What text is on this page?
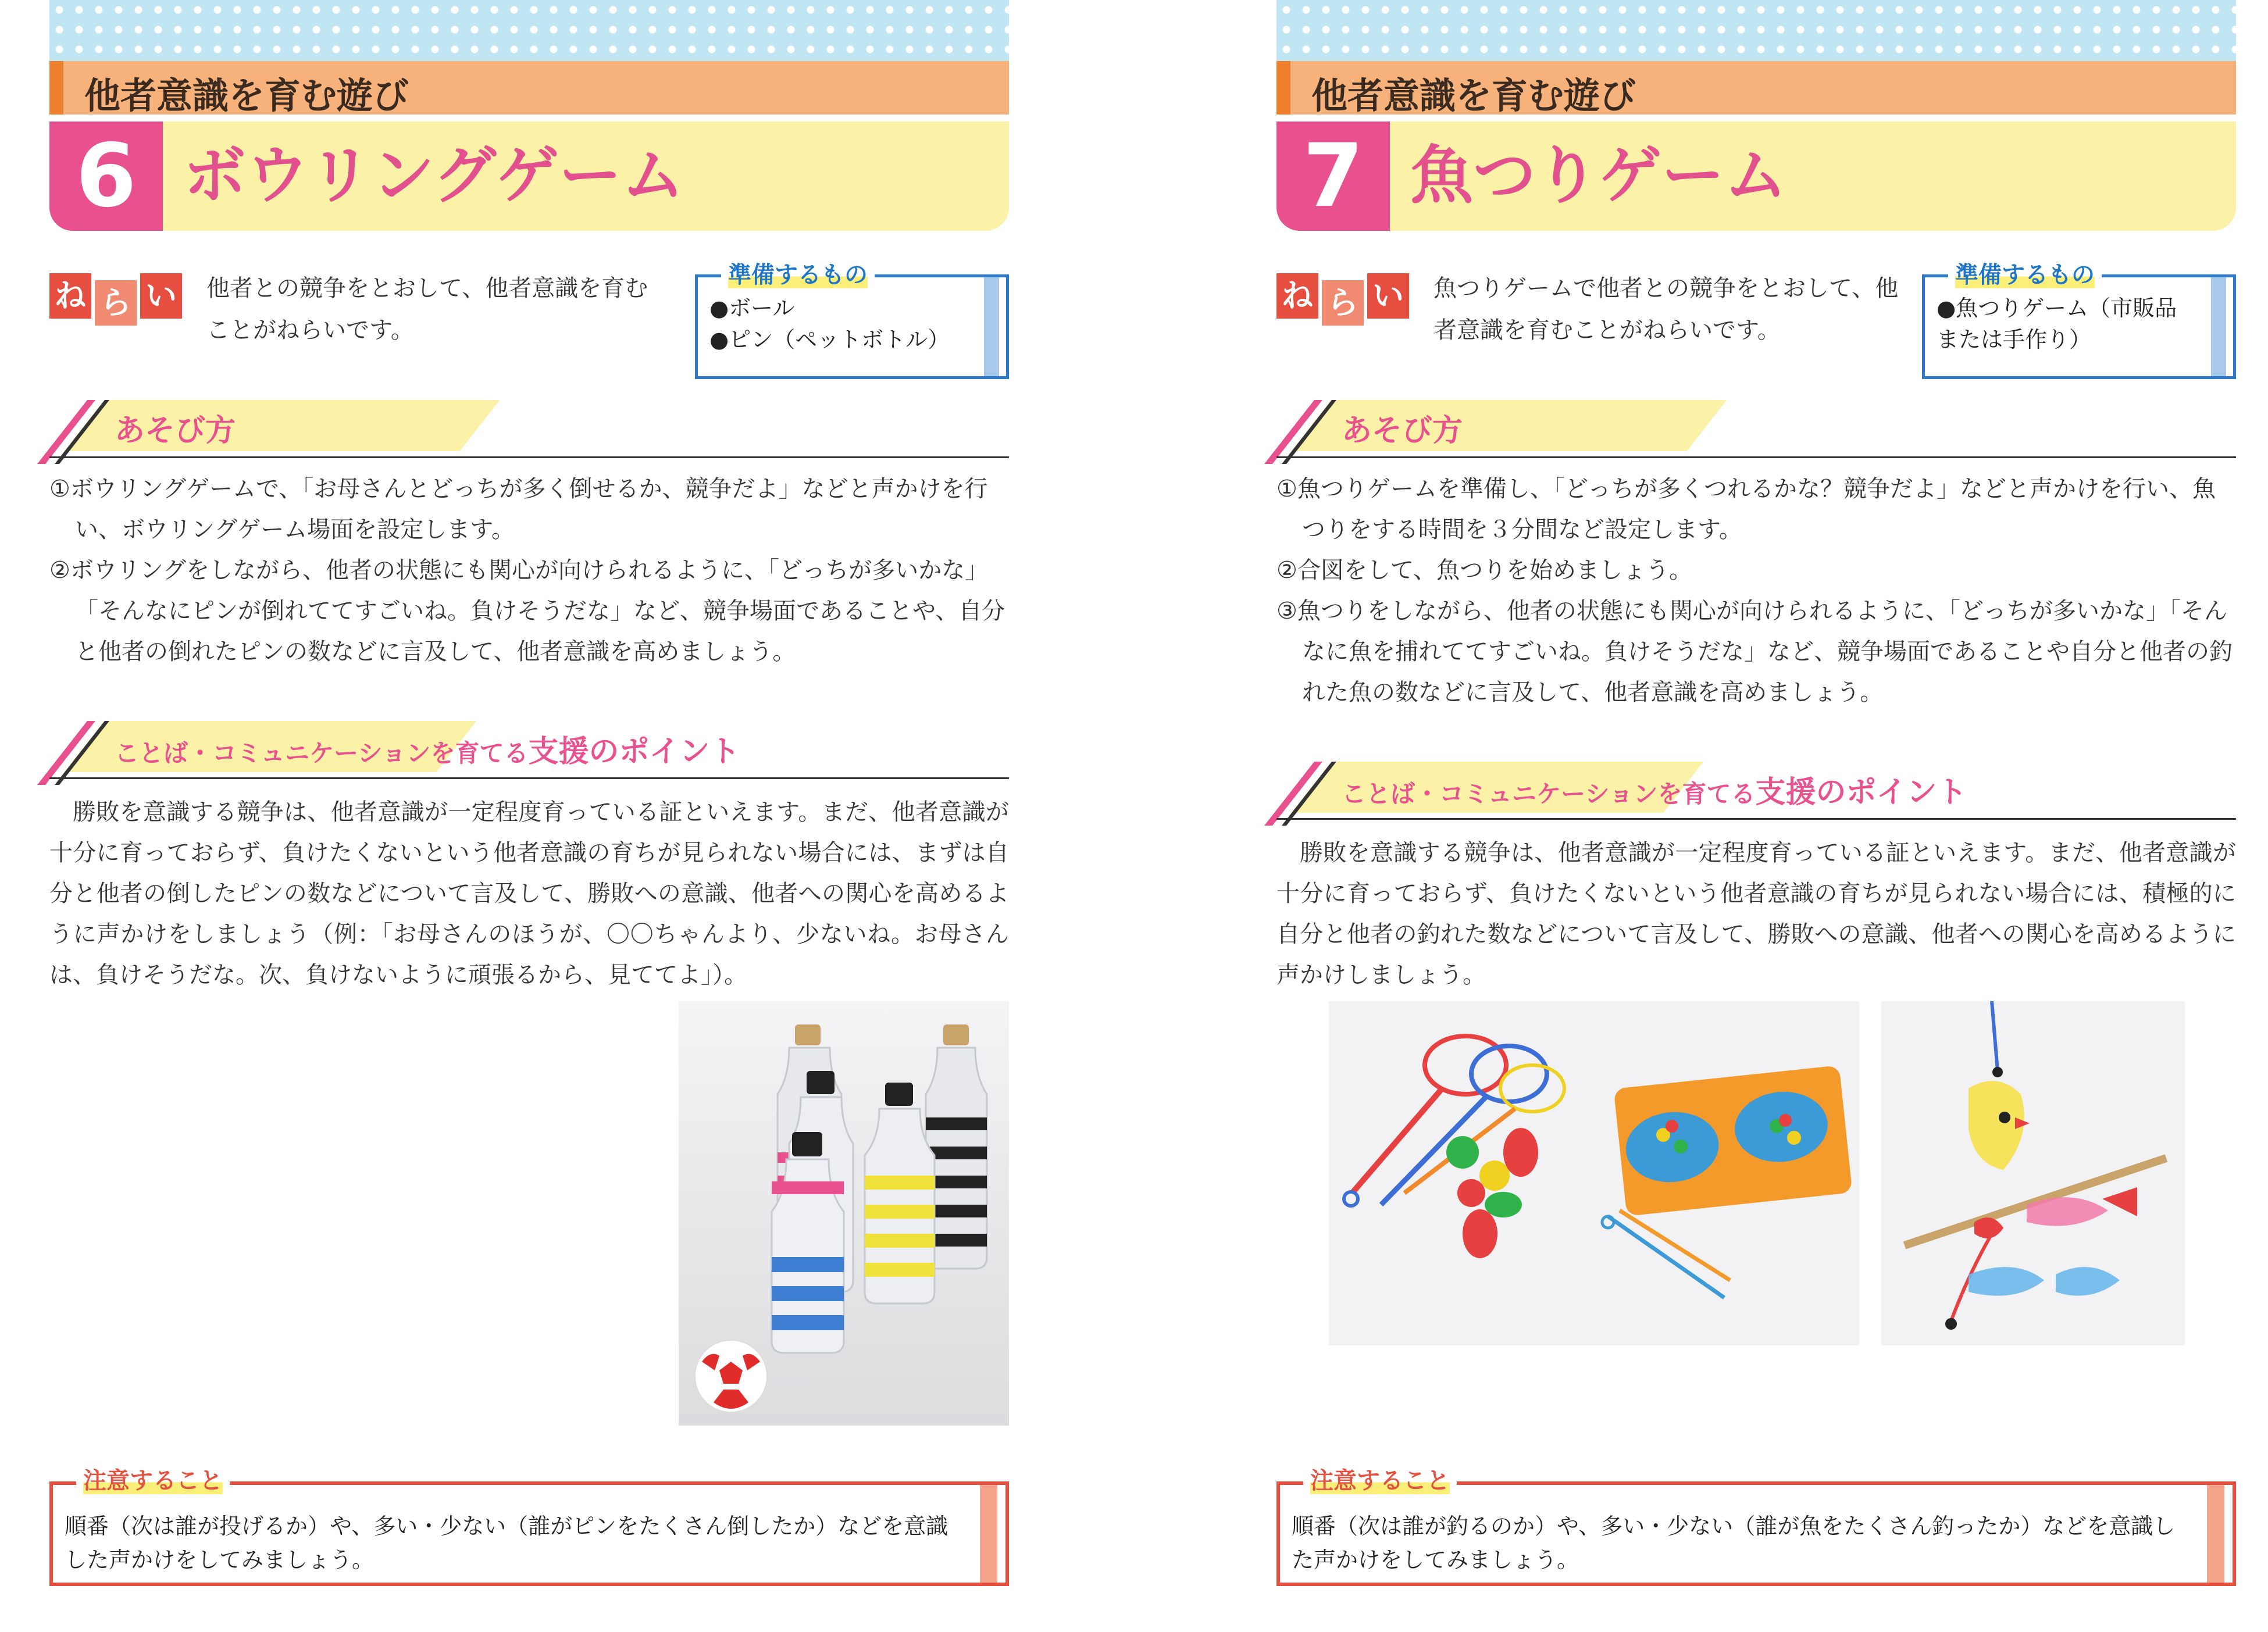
他者意識を育む遊び
6 ボウリングゲーム
ね ら い 他者との競争をとおして、他者意識を育むことがねらいです。
準備するもの
●ボール
●ピン（ペットボトル）
あそび方
①ボウリングゲームで、「お母さんとどっちが多く倒せるか、競争だよ」などと声かけを行い、ボウリングゲーム場面を設定します。
②ボウリングをしながら、他者の状態にも関心が向けられるように、「どっちが多いかな」「そんなにピンが倒れててすごいね。負けそうだな」など、競争場面であることや、自分と他者の倒れたピンの数などに言及して、他者意識を高めましょう。
ことば・コミュニケーションを育てる支援のポイント
勝敗を意識する競争は、他者意識が一定程度育っている証といえます。まだ、他者意識が十分に育っておらず、負けたくないという他者意識の育ちが見られない場合には、まずは自分と他者の倒したピンの数などについて言及して、勝敗への意識、他者への関心を高めるように声かけをしましょう（例：「お母さんのほうが、〇〇ちゃんより、少ないね。お母さんは、負けそうだな。次、負けないように頑張るから、見ててよ」）。
注意すること
順番（次は誰が投げるか）や、多い・少ない（誰がピンをたくさん倒したか）などを意識した声かけをしてみましょう。
他者意識を育む遊び
7 魚つりゲーム
ね ら い 魚つりゲームで他者との競争をとおして、他者意識を育むことがねらいです。
準備するもの
●魚つりゲーム（市販品または手作り）
あそび方
①魚つりゲームを準備し、「どっちが多くつれるかな？競争だよ」などと声かけを行い、魚つりをする時間を３分間など設定します。
②合図をして、魚つりを始めましょう。
③魚つりをしながら、他者の状態にも関心が向けられるように、「どっちが多いかな」「そんなに魚を捕れててすごいね。負けそうだな」など、競争場面であることや自分と他者の釣れた魚の数などに言及して、他者意識を高めましょう。
ことば・コミュニケーションを育てる支援のポイント
勝敗を意識する競争は、他者意識が一定程度育っている証といえます。まだ、他者意識が十分に育っておらず、負けたくないという他者意識の育ちが見られない場合には、積極的に自分と他者の釣れた数などについて言及して、勝敗への意識、他者への関心を高めるように声かけしましょう。
注意すること
順番（次は誰が釣るのか）や、多い・少ない（誰が魚をたくさん釣ったか）などを意識した声かけをしてみましょう。
